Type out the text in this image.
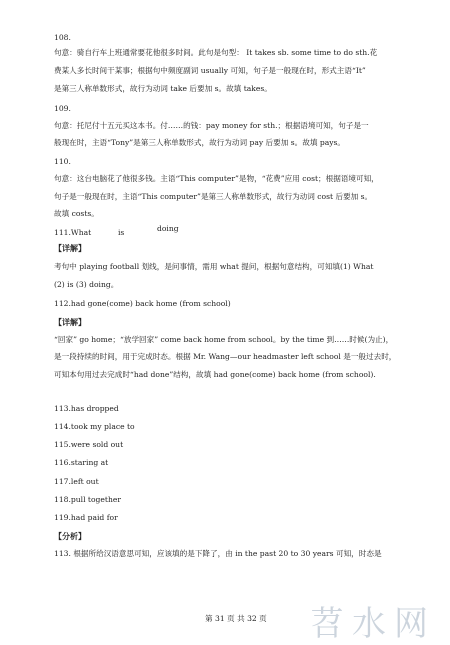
108.
句意：骑自行车上班通常要花他很多时间。此句是句型： It takes sb. some time to do sth.花
费某人多长时间干某事；根据句中频度副词 usually 可知，句子是一般现在时，形式主语“It”
是第三人称单数形式，故行为动词 take 后要加 s。故填 takes。
109.
句意：托尼付十五元买这本书。付……的钱：pay money for sth.；根据语境可知，句子是一
般现在时，主语“Tony”是第三人称单数形式，故行为动词 pay 后要加 s。故填 pays。
110.
句意：这台电脑花了他很多钱。主语“This computer”是物，“花费”应用 cost；根据语境可知，
句子是一般现在时，主语“This computer”是第三人称单数形式，故行为动词 cost 后要加 s。
故填 costs。
111.What	is	doing
【详解】
考句中 playing football 划线，是问事情，需用 what 提问，根据句意结构，可知填(1) What
(2) is (3) doing。
112.had gone(come) back home (from school)
【详解】
“回家” go home；“放学回家” come back home from school。by the time 到……时候(为止)，
是一段持续的时间，用于完成时态。根据 Mr. Wang—our headmaster left school 是一般过去时，
可知本句用过去完成时“had done”结构，故填 had gone(come) back home (from school).
113.has dropped
114.took my place to
115.were sold out
116.staring at
117.left out
118.pull together
119.had paid for
【分析】
113. 根据所给汉语意思可知，应该填的是下降了，由 in the past 20 to 30 years 可知，时态是
第 31 页 共 32 页 苕水网
